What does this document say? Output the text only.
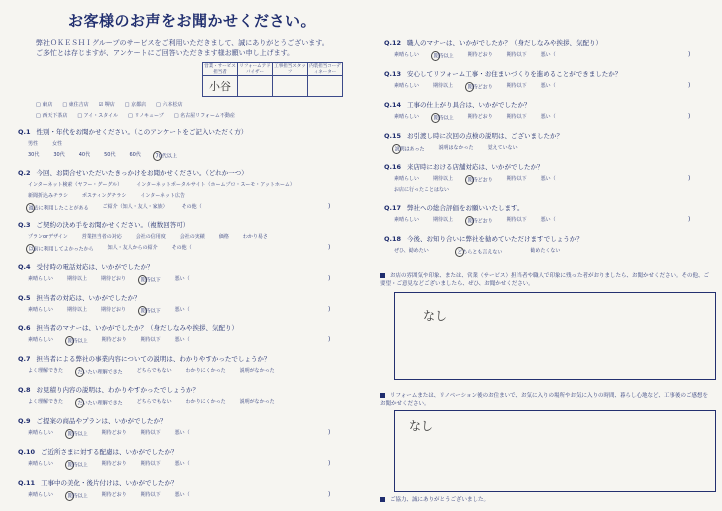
お客様のお声をお聞かせください。
弊社ＯＫＥＳＨＩグループのサービスをご利用いただきまして、誠にありがとうございます。
ご多忙とは存じますが、アンケートにご回答いただきます様お願い申し上げます。
営業・サービス担当者	リフォームアドバイザー	工事担当スタッフ	内装担当コーディネーター
小谷			
□ 東店 □ 東住吉店 ☑ 堺店 □ 京都店 □ 六本松店
□ 西天下茶店 □ アイ・スタイル □ リノキューブ □ 名古屋リフォーム不動産
Q.1 性別・年代をお聞かせください。（このアンケートをご記入いただく方）
男性	女性
30代	30代	40代	50代	60代	70代以上
Q.2 今回、お問合せいただいたきっかけをお聞かせください。（どれか一つ）
インターネット検索（ヤフー・グーグル）	インターネットポータルサイト（ホームプロ・スーモ・アットホーム）
新聞折込みチラシ	ポスティングチラシ	インターネット広告
過去に利用したことがある	ご紹介（知人・友人・家族）	その他（	)
Q.3 ご契約の決め手をお聞かせください。（複数回答可）
プランorデザイン	営業担当者の対応	会社の信用度	会社の実績	価格	わかり易さ
以前に利用してよかったから	知人・友人からの紹介	その他（	)
Q.4 受付時の電話対応は、いかがでしたか？
素晴らしい	期待以上	期待どおり	期待以下	悪い（	)
Q.5 担当者の対応は、いかがでしたか？
素晴らしい	期待以上	期待どおり	期待以下	悪い（	)
Q.6 担当者のマナーは、いかがでしたか？（身だしなみや挨拶、気配り）
素晴らしい	期待以上	期待どおり	期待以下	悪い（	)
Q.7 担当者による弊社の事業内容についての説明は、わかりやすかったでしょうか？
よく理解できた	だいたい理解できた	どちらでもない	わかりにくかった	説明がなかった
Q.8 お見積り内容の説明は、わかりやすかったでしょうか？
よく理解できた	だいたい理解できた	どちらでもない	わかりにくかった	説明がなかった
Q.9 ご提案の商品やプランは、いかがでしたか？
素晴らしい	期待以上	期待どおり	期待以下	悪い（	)
Q.10 ご近所さまに対する配慮は、いかがでしたか？
素晴らしい	期待以上	期待どおり	期待以下	悪い（	)
Q.11 工事中の美化・後片付けは、いかがでしたか？
素晴らしい	期待以上	期待どおり	期待以下	悪い（	)
Q.12 職人のマナーは、いかがでしたか？（身だしなみや挨拶、気配り）
素晴らしい	期待以上	期待どおり	期待以下	悪い（	)
Q.13 安心してリフォーム工事・お住まいづくりを進めることができましたか？
素晴らしい	期待以上	期待どおり	期待以下	悪い（	)
Q.14 工事の仕上がり具合は、いかがでしたか？
素晴らしい	期待以上	期待どおり	期待以下	悪い（	)
Q.15 お引渡し時に次回の点検の説明は、ございましたか？
説明はあった	説明はなかった	覚えていない
Q.16 来店時における店舗対応は、いかがでしたか？
素晴らしい	期待以上	期待どおり	期待以下	悪い（	)
お店に行ったことはない
Q.17 弊社への総合評価をお願いいたします。
素晴らしい	期待以上	期待どおり	期待以下	悪い（	)
Q.18 今後、お知り合いに弊社を勧めていただけますでしょうか？
ぜひ、勧めたい	どちらとも言えない	勧めたくない
お店の雰囲気や印象、または、営業（サービス）担当者や職人で印象に残った者がおりましたら、お聞かせください。その他、ご要望・ご意見などございましたら、ぜひ、お聞かせください。
なし
リフォームまたは、リノベーション後のお住まいで、お気に入りの場所やお気に入りの時間、暮らし心地など、工事後のご感想をお聞かせください。
なし
ご協力、誠にありがとうございました。
